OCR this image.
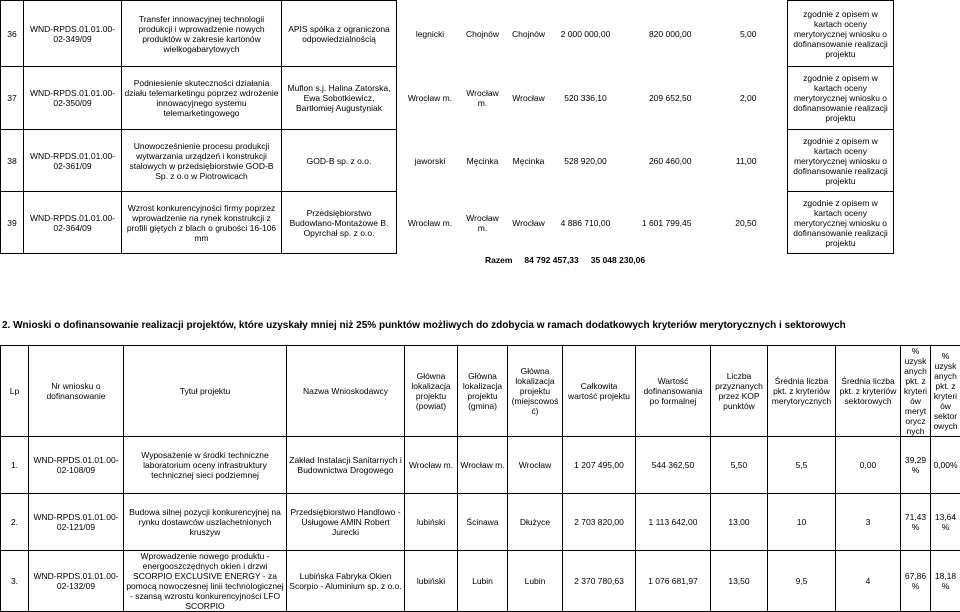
36	WND-RPDS.01.01.00-02-349/09	Transfer innowacyjnej technologii produkcji i wprowadzenie nowych produktów w zakresie kartonów wielkogabarytowych	APIS spółka z ograniczona odpowiedzialnością		legnicki	Chojnów	Chojnów	2 000 000,00	820 000,00	5,00		zgodnie z opisem w kartach oceny merytorycznej wniosku o dofinansowanie realizacji projektu	
37	WND-RPDS.01.01.00-02-350/09	Podniesienie skuteczności działania działu telemarketingu poprzez wdrożenie innowacyjnego systemu telemarketingowego	Muflon s.j. Halina Zatorska, Ewa Sobotkiewicz, Bartłomiej Augustyniak		Wrocław m.	Wrocław m.	Wrocław	520 336,10	209 652,50	2,00		zgodnie z opisem w kartach oceny merytorycznej wniosku o dofinansowanie realizacji projektu	
38	WND-RPDS.01.01.00-02-361/09	Unowocześnienie procesu produkcji wytwarzania urządzeń i konstrukcji stalowych w przedsiębiorstwie GOD-B Sp. z o.o w Piotrowicach	GOD-B sp. z o.o.		jaworski	Męcinka	Męcinka	528 920,00	260 460,00	11,00		zgodnie z opisem w kartach oceny merytorycznej wniosku o dofinansowanie realizacji projektu	
39	WND-RPDS.01.01.00-02-364/09	Wzrost konkurencyjności firmy poprzez wprowadzenie na rynek konstrukcji z profili giętych z blach o grubości 16-106 mm	Przedsiębiorstwo Budowlano-Montażowe B. Opyrchał sp. z o.o.		Wrocław m.	Wrocław m.	Wrocław	4 886 710,00	1 601 799,45	20,50		zgodnie z opisem w kartach oceny merytorycznej wniosku o dofinansowanie realizacji projektu	
Razem	84 792 457,33	35 048 230,06
2. Wnioski o dofinansowanie realizacji projektów, które uzyskały mniej niż 25% punktów możliwych do zdobycia w ramach dodatkowych kryteriów merytorycznych i sektorowych
Lp	Nr wniosku o dofinansowanie	Tytuł projektu	Nazwa Wnioskodawcy	Główna lokalizacja projektu (powiat)	Główna lokalizacja projektu (gmina)	Główna lokalizacja projektu (miejscowość)	Całkowita wartość projektu	Wartość dofinansowania po formalnej	Liczba przyznanych przez KOP punktów	Średnia liczba pkt. z kryteriów merytorycznych	Średnia liczba pkt. z kryteriów sektorowych	% uzyskanych pkt. z kryteriów merytorycznych	% uzyskanych pkt. z kryteriów sektorowych
1.	WND-RPDS.01.01.00-02-108/09	Wyposażenie w środki techniczne laboratorium oceny infrastruktury technicznej sieci podziemnej	Zakład Instalacji Sanitarnych i Budownictwa Drogowego	Wrocław m.	Wrocław m.	Wrocław	1 207 495,00	544 362,50	5,50	5,5	0,00	39,29%	0,00%
2.	WND-RPDS.01.01.00-02-121/09	Budowa silnej pozycji konkurencyjnej na rynku dostawców uszlachetnionych kruszyw	Przedsiębiorstwo Handlowo - Usługowe AMIN Robert Jurecki	lubiński	Ścinawa	Dłużyce	2 703 820,00	1 113 642,00	13,00	10	3	71,43%	13,64%
3.	WND-RPDS.01.01.00-02-132/09	Wprowadzenie nowego produktu - energooszczędnych okien i drzwi SCORPIO EXCLUSIVE ENERGY - za pomocą nowoczesnej linii technologicznej - szansą wzrostu konkurencyjności LFO SCORPIO	Lubińska Fabryka Okien Scorpio - Aluminium sp. z o.o.	lubiński	Lubin	Lubin	2 370 780,63	1 076 681,97	13,50	9,5	4	67,86%	18,18%
